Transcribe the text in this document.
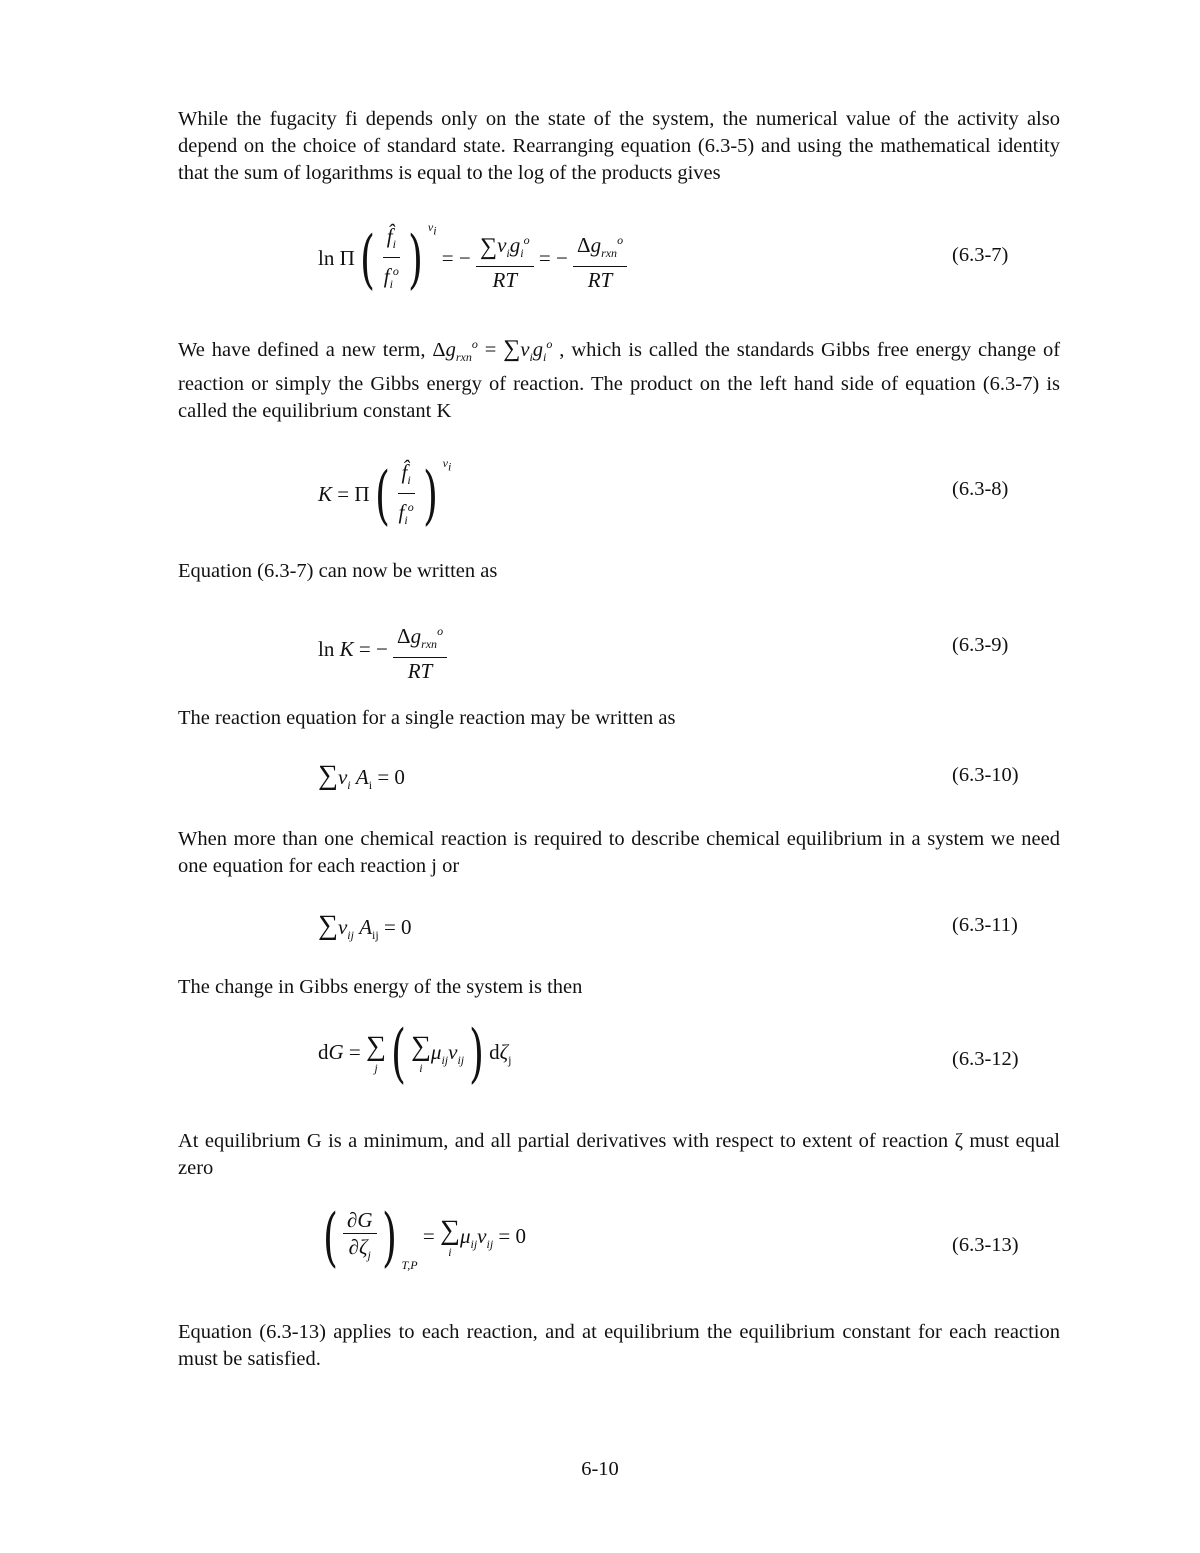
While the fugacity fi depends only on the state of the system, the numerical value of the activity also depend on the choice of standard state. Rearranging equation (6.3-5) and using the mathematical identity that the sum of logarithms is equal to the log of the products gives
$\ln \Pi( \frac{f̂_i}{f_i^o}$ ) $^{\nu_i}$ = − $\frac{\sum\nu_ig_i^o}{RT}$ = − $\frac{\Delta g_{rxn}^o}{RT}$	(6.3-7)
We have defined a new term, $\Delta g_{rxn}^o = \sum\nu_ig_i^o$ , which is called the standards Gibbs free energy change of reaction or simply the Gibbs energy of reaction. The product on the left hand side of equation (6.3-7) is called the equilibrium constant K
$K = \Pi( \frac{f̂_i}{f_i^o}$ ) $^{\nu_i}$
(6.3-8)
Equation (6.3-7) can now be written as
ln K = − $\frac{\Delta g_{rxn}^o}{RT}$	(6.3-9)
The reaction equation for a single reaction may be written as
$\sum\nu_i$ $A_i = 0$	(6.3-10)
When more than one chemical reaction is required to describe chemical equilibrium in a system we need one equation for each reaction j or
$\sum\nu_{ij}$ $A_{ij} = 0$	(6.3-11)
The change in Gibbs energy of the system is then
dG = ∑
j ( ∑
i
$\mu_{ij}\nu_{ij}$) $d\zeta_j$	(6.3-12)
At equilibrium G is a minimum, and all partial derivatives with respect to extent of reaction ζ must equal zero
( $\frac{\partial G}{\partial\zeta_j}$ ) $_{T,P}$ = ∑
i
$\mu_{ij}\nu_{ij} = 0$	(6.3-13)
Equation (6.3-13) applies to each reaction, and at equilibrium the equilibrium constant for each reaction must be satisfied.
6-10
